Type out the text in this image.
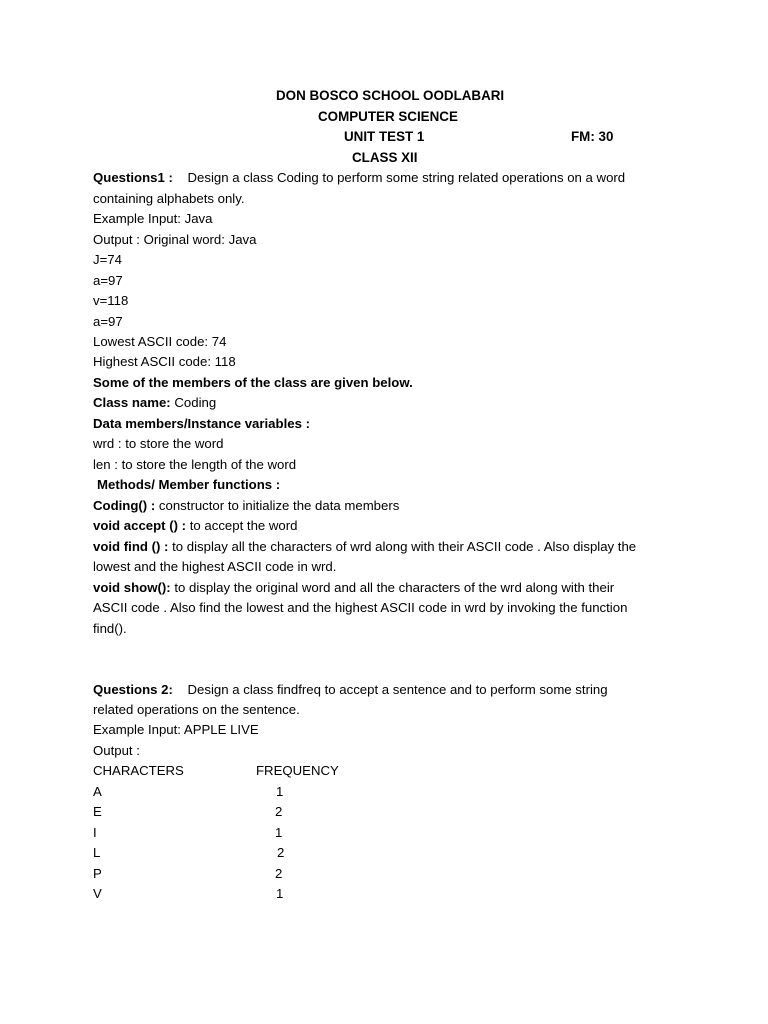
DON BOSCO SCHOOL OODLABARI
COMPUTER SCIENCE
UNIT TEST 1	FM: 30
CLASS XII
Questions1 : Design a class Coding to perform some string related operations on a word
containing alphabets only.
Example Input: Java
Output : Original word: Java
J=74
a=97
v=118
a=97
Lowest ASCII code: 74
Highest ASCII code: 118
Some of the members of the class are given below.
Class name: Coding
Data members/Instance variables :
wrd : to store the word
len : to store the length of the word
Methods/ Member functions :
Coding() : constructor to initialize the data members
void accept () : to accept the word
void find () : to display all the characters of wrd along with their ASCII code . Also display the
lowest and the highest ASCII code in wrd.
void show(): to display the original word and all the characters of the wrd along with their
ASCII code . Also find the lowest and the highest ASCII code in wrd by invoking the function
find().
Questions 2: Design a class findfreq to accept a sentence and to perform some string
related operations on the sentence.
Example Input: APPLE LIVE
Output :
CHARACTERS	FREQUENCY
A	1
E	2
I	1
L	2
P	2
V	1
